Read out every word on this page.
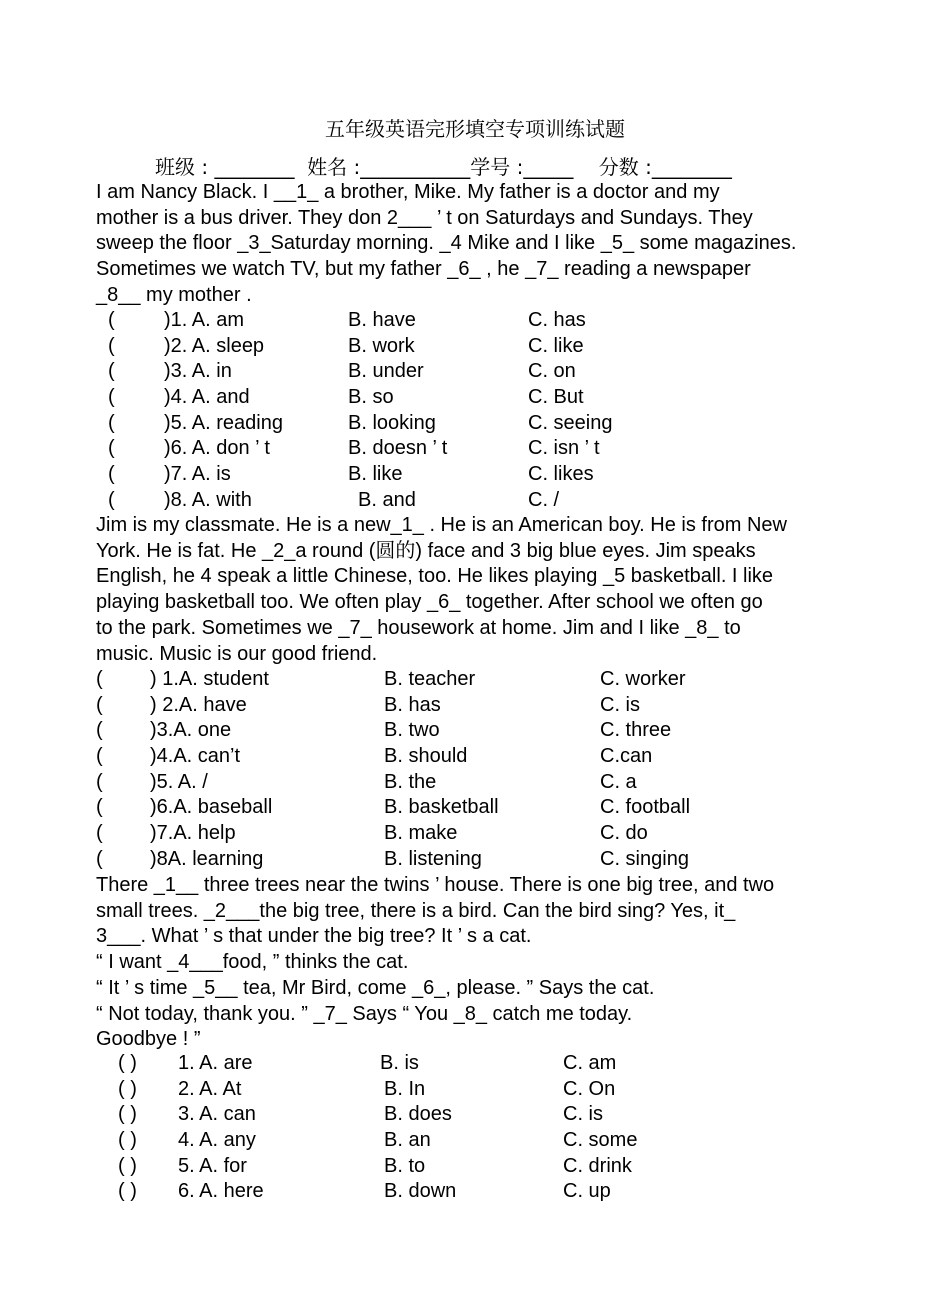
五年级英语完形填空专项训练试题
班级 : ________  姓名 :___________学号 :_____    分数 :________
I am Nancy Black. I __1_ a brother, Mike. My father is a doctor and my
mother is a bus driver. They don 2___ ’ t on Saturdays and Sundays. They
sweep the floor _3_Saturday morning. _4 Mike and I like _5_ some magazines.
Sometimes we watch TV, but my father _6_ , he _7_ reading a newspaper
_8__ my mother .
( )1. A. am	B. have	C. has
( )2. A. sleep	B. work	C. like
( )3. A. in	B. under	C. on
( )4. A. and	B. so	C. But
( )5. A. reading	B. looking	C. seeing
( )6. A. don ’ t	B. doesn ’ t	C. isn ’ t
( )7. A. is	B. like	C. likes
( )8. A. with	B. and	C. /
Jim is my classmate. He is a new_1_ . He is an American boy. He is from New
York. He is fat. He _2_a round (圆的) face and 3 big blue eyes. Jim speaks
English, he 4 speak a little Chinese, too. He likes playing _5 basketball. I like
playing basketball too. We often play _6_ together. After school we often go
to the park. Sometimes we _7_ housework at home. Jim and I like _8_ to
music. Music is our good friend.
( ) 1.A. student	B. teacher	C. worker
( ) 2.A. have	B. has	C. is
( )3.A. one	B. two	C. three
( )4.A. can’t	B. should	C.can
( )5. A. /	B. the	C. a
( )6.A. baseball	B. basketball	C. football
( )7.A. help	B. make	C. do
( )8A. learning	B. listening	C. singing
There _1__ three trees near the twins ’ house. There is one big tree, and two
small trees. _2___the big tree, there is a bird. Can the bird sing? Yes, it_
3___. What ’ s that under the big tree? It ’ s a cat.
“ I want _4___food, ” thinks the cat.
“ It ’ s time _5__ tea, Mr Bird, come _6_, please. ” Says the cat.
“ Not today, thank you. ” _7_ Says “ You _8_ catch me today.
Goodbye ! ”
( ) 1. A. are	B. is	C. am
( ) 2. A. At	B. In	C. On
( ) 3. A. can	B. does	C. is
( ) 4. A. any	B. an	C. some
( ) 5. A. for	B. to	C. drink
( ) 6. A. here	B. down	C. up
